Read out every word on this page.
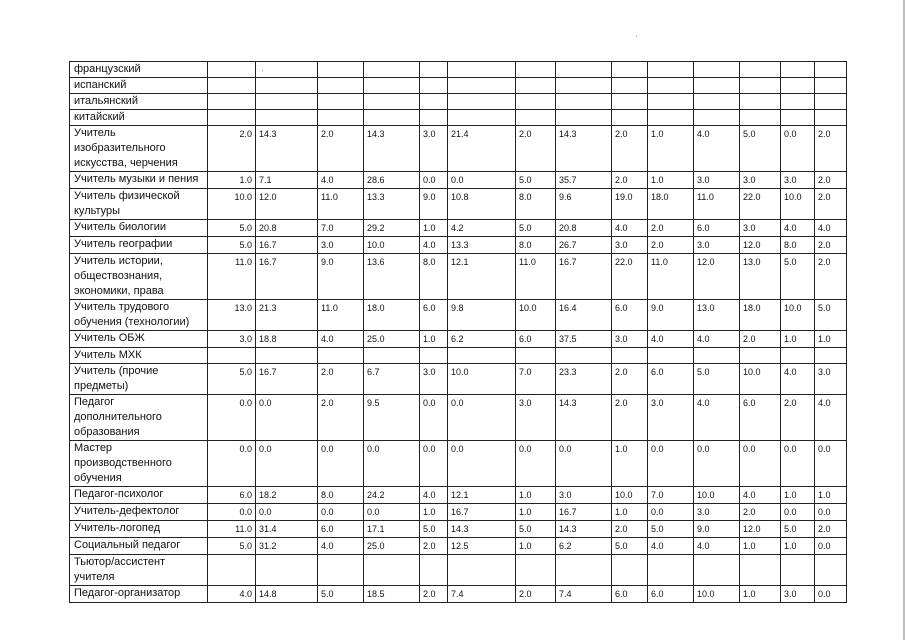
французский														
испанский														
итальянский														
китайский														
Учитель изобразительного искусства, черчения	2.0	14.3	2.0	14.3	3.0	21.4	2.0	14.3	2.0	1.0	4.0	5.0	0.0	2.0
Учитель музыки и пения	1.0	7.1	4.0	28.6	0.0	0.0	5.0	35.7	2.0	1.0	3.0	3.0	3.0	2.0
Учитель физической культуры	10.0	12.0	11.0	13.3	9.0	10.8	8.0	9.6	19.0	18.0	11.0	22.0	10.0	2.0
Учитель биологии	5.0	20.8	7.0	29.2	1.0	4.2	5.0	20.8	4.0	2.0	6.0	3.0	4.0	4.0
Учитель географии	5.0	16.7	3.0	10.0	4.0	13.3	8.0	26.7	3.0	2.0	3.0	12.0	8.0	2.0
Учитель истории, обществознания, экономики, права	11.0	16.7	9.0	13.6	8.0	12.1	11.0	16.7	22.0	11.0	12.0	13.0	5.0	2.0
Учитель трудового обучения (технологии)	13.0	21.3	11.0	18.0	6.0	9.8	10.0	16.4	6.0	9.0	13.0	18.0	10.0	5.0
Учитель ОБЖ	3.0	18.8	4.0	25.0	1.0	6.2	6.0	37.5	3.0	4.0	4.0	2.0	1.0	1.0
Учитель МХК														
Учитель (прочие предметы)	5.0	16.7	2.0	6.7	3.0	10.0	7.0	23.3	2.0	6.0	5.0	10.0	4.0	3.0
Педагог дополнительного образования	0.0	0.0	2.0	9.5	0.0	0.0	3.0	14.3	2.0	3.0	4.0	6.0	2.0	4.0
Мастер производственного обучения	0.0	0.0	0.0	0.0	0.0	0.0	0.0	0.0	1.0	0.0	0.0	0.0	0.0	0.0
Педагог-психолог	6.0	18.2	8.0	24.2	4.0	12.1	1.0	3.0	10.0	7.0	10.0	4.0	1.0	1.0
Учитель-дефектолог	0.0	0.0	0.0	0.0	1.0	16.7	1.0	16.7	1.0	0.0	3.0	2.0	0.0	0.0
Учитель-логопед	11.0	31.4	6.0	17.1	5.0	14.3	5.0	14.3	2.0	5.0	9.0	12.0	5.0	2.0
Социальный педагог	5.0	31.2	4.0	25.0	2.0	12.5	1.0	6.2	5.0	4.0	4.0	1.0	1.0	0.0
Тьютор/ассистент учителя														
Педагог-организатор	4.0	14.8	5.0	18.5	2.0	7.4	2.0	7.4	6.0	6.0	10.0	1.0	3.0	0.0
